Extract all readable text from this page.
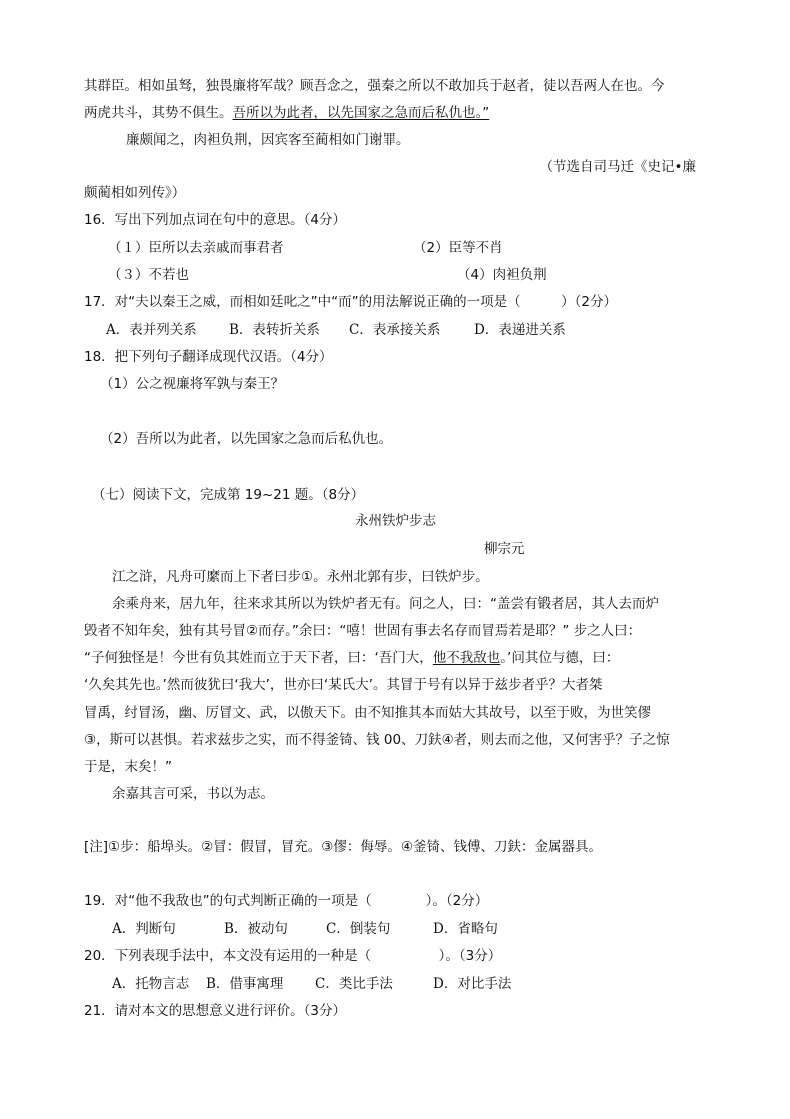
其群臣。相如虽驽，独畏廉将军哉？顾吾念之，强秦之所以不敢加兵于赵者，徒以吾两人在也。今
两虎共斗，其势不俱生。吾所以为此者，以先国家之急而后私仇也。”
廉颇闻之，肉袒负荆，因宾客至蔺相如门谢罪。
（节选自司马迁《史记•廉
颇蔺相如列传》）
16．写出下列加点词在句中的意思。（4分）
（１）臣所以去亲戚而事君者	（2）臣等不肖
（３）不若也	（4）肉袒负荆
17．对“夫以秦王之威，而相如廷叱之”中“而”的用法解说正确的一项是（　　　）（2分）
A．表并列关系 B．表转折关系 C．表承接关系 D．表递进关系
18．把下列句子翻译成现代汉语。（4分）
（1）公之视廉将军孰与秦王？
（2）吾所以为此者，以先国家之急而后私仇也。
（七）阅读下文，完成第 19~21 题。（8分）
永州铁炉步志
柳宗元
江之浒，凡舟可縻而上下者曰步①。永州北郭有步，曰铁炉步。
余乘舟来，居九年，往来求其所以为铁炉者无有。问之人，曰：“盖尝有锻者居，其人去而炉
毁者不知年矣，独有其号冒②而存。”余曰：“嘻！世固有事去名存而冒焉若是耶？” 步之人曰：
“子何独怪是！今世有负其姓而立于天下者，曰：‘吾门大，他不我敌也。’问其位与德，曰：
‘久矣其先也。’然而彼犹曰‘我大’，世亦曰‘某氏大’。其冒于号有以异于兹步者乎？大者桀
冒禹，纣冒汤，幽、厉冒文、武，以傲天下。由不知推其本而姑大其故号，以至于败，为世笑僇
③，斯可以甚惧。若求兹步之实，而不得釜锜、钱 00、刀鈇④者，则去而之他，又何害乎？子之惊
于是，末矣！”
余嘉其言可采，书以为志。
[注]①步：船埠头。②冒：假冒，冒充。③僇：侮辱。④釜锜、钱傅、刀鈇：金属器具。
19．对“他不我敌也”的句式判断正确的一项是（　　　　）。（2分）
A．判断句	B．被动句	C．倒装句	D．省略句
20．下列表现手法中，本文没有运用的一种是（　　　　　）。（3分）
A．托物言志 B．借事寓理 C．类比手法	D．对比手法
21．请对本文的思想意义进行评价。（3分）
